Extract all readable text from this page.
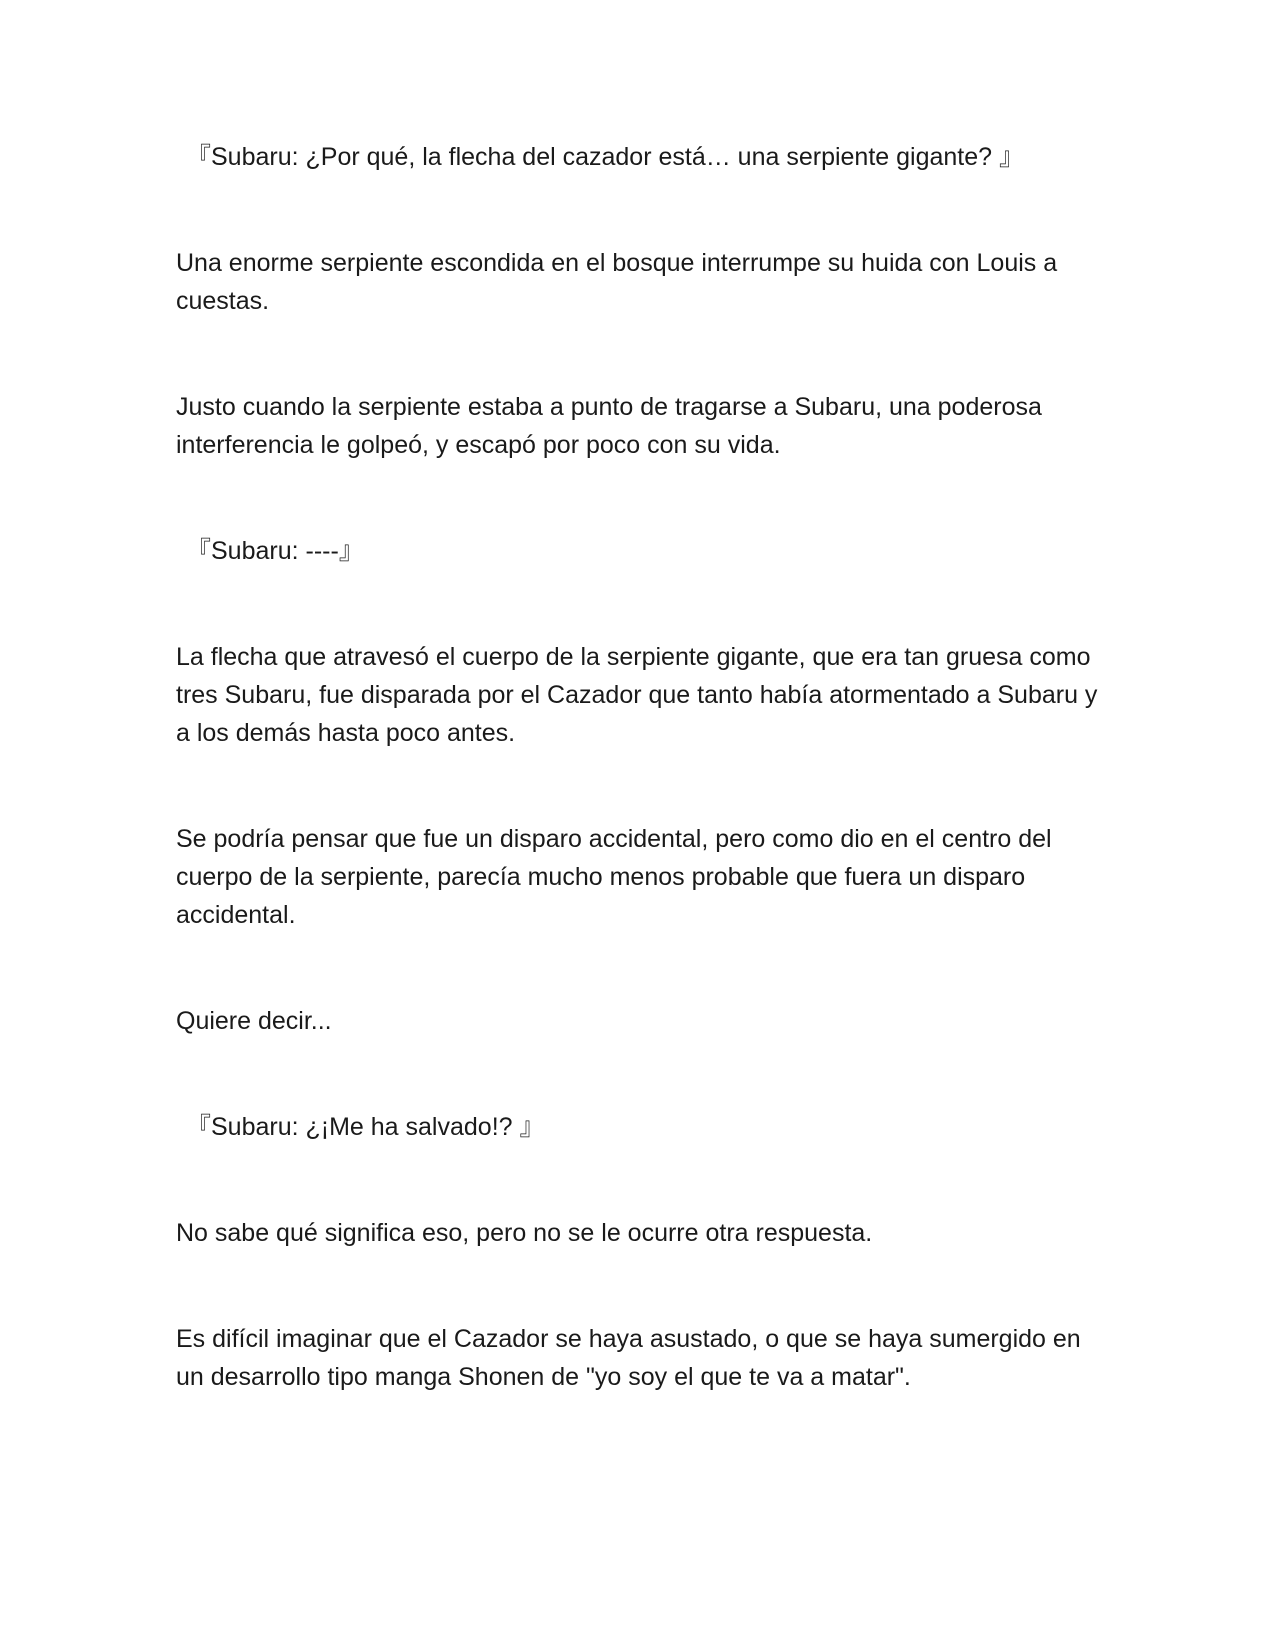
『Subaru: ¿Por qué, la flecha del cazador está… una serpiente gigante? 』

Una enorme serpiente escondida en el bosque interrumpe su huida con Louis a cuestas.

Justo cuando la serpiente estaba a punto de tragarse a Subaru, una poderosa interferencia le golpeó, y escapó por poco con su vida.

『Subaru: ----』

La flecha que atravesó el cuerpo de la serpiente gigante, que era tan gruesa como tres Subaru, fue disparada por el Cazador que tanto había atormentado a Subaru y a los demás hasta poco antes.

Se podría pensar que fue un disparo accidental, pero como dio en el centro del cuerpo de la serpiente, parecía mucho menos probable que fuera un disparo accidental.

Quiere decir...

『Subaru: ¿¡Me ha salvado!? 』

No sabe qué significa eso, pero no se le ocurre otra respuesta.

Es difícil imaginar que el Cazador se haya asustado, o que se haya sumergido en un desarrollo tipo manga Shonen de "yo soy el que te va a matar".
